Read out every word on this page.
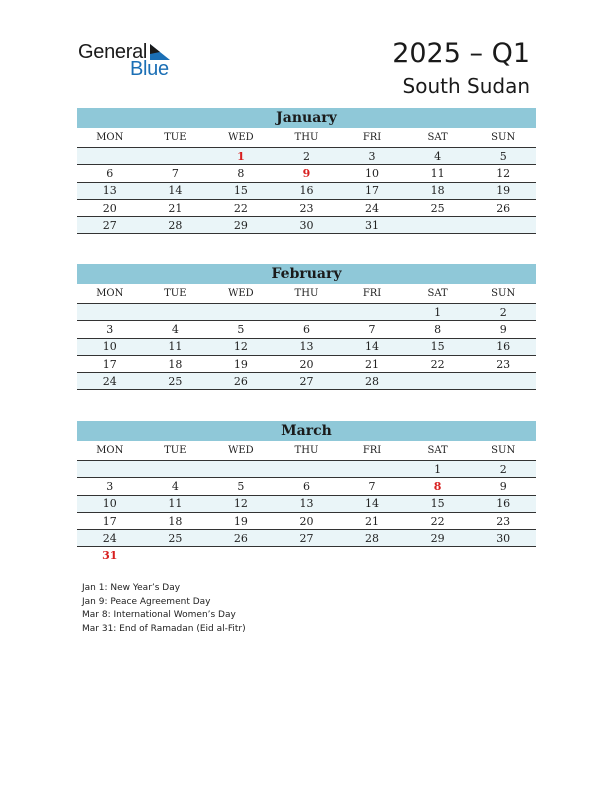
General
Blue	2025 – Q1
South Sudan
January
MON	TUE	WED	THU	FRI	SAT	SUN
		1	2	3	4	5
6	7	8	9	10	11	12
13	14	15	16	17	18	19
20	21	22	23	24	25	26
27	28	29	30	31		
February
MON	TUE	WED	THU	FRI	SAT	SUN
					1	2
3	4	5	6	7	8	9
10	11	12	13	14	15	16
17	18	19	20	21	22	23
24	25	26	27	28		
March
MON	TUE	WED	THU	FRI	SAT	SUN
					1	2
3	4	5	6	7	8	9
10	11	12	13	14	15	16
17	18	19	20	21	22	23
24	25	26	27	28	29	30
31						
Jan 1: New Year’s Day
Jan 9: Peace Agreement Day
Mar 8: International Women’s Day
Mar 31: End of Ramadan (Eid al-Fitr)
